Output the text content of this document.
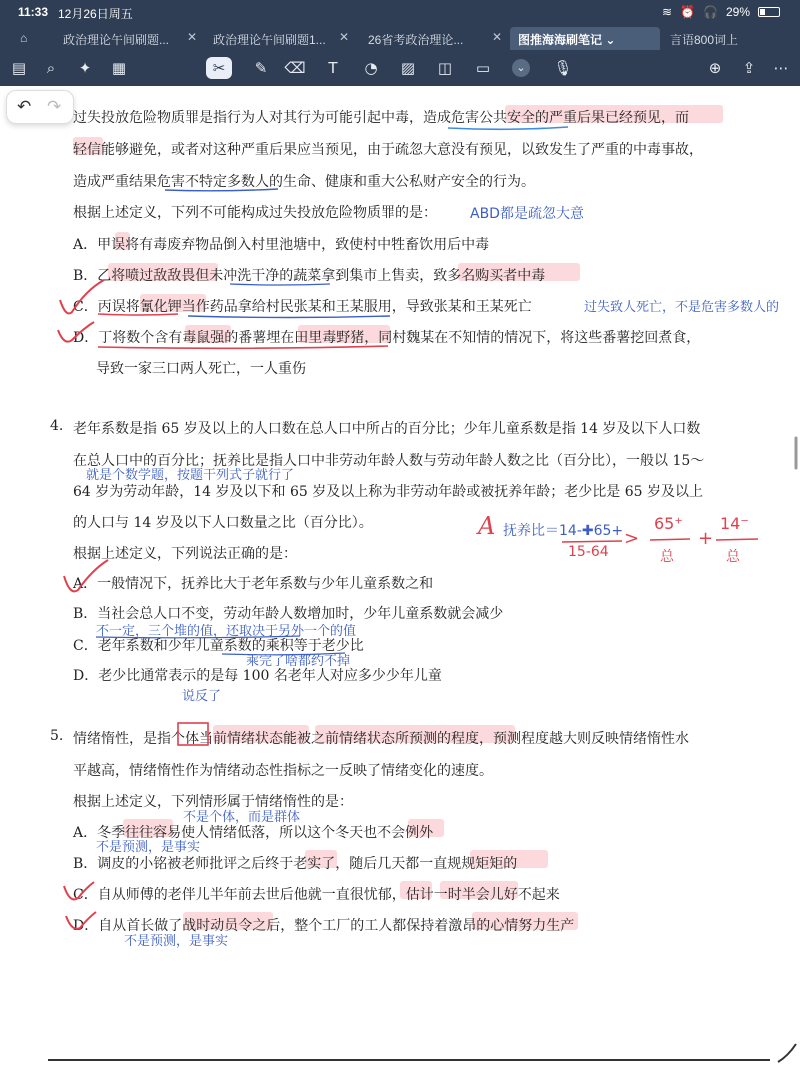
11:33 12月26日周五	≋ ⏰ 🎧 29%
⌂	政治理论午间刷题... ✕	政治理论午间刷题1... ✕	26省考政治理论... ✕	图推海海刷笔记 ⌄	言语800词上
▤	⌕	✦	▦	✂	✎	⌫	T	◔ ▨ ◫ ▭	⌄ 🎙	⊕	⇪	⋯
↶ ↷
过失投放危险物质罪是指行为人对其行为可能引起中毒，造成危害公共安全的严重后果已经预见，而
轻信能够避免，或者对这种严重后果应当预见，由于疏忽大意没有预见，以致发生了严重的中毒事故，
造成严重结果危害不特定多数人的生命、健康和重大公私财产安全的行为。
根据上述定义，下列不可能构成过失投放危险物质罪的是：
A．甲误将有毒废弃物品倒入村里池塘中，致使村中牲畜饮用后中毒
B．乙将喷过敌敌畏但未冲洗干净的蔬菜拿到集市上售卖，致多名购买者中毒
C．丙误将氰化钾当作药品拿给村民张某和王某服用，导致张某和王某死亡
D．丁将数个含有毒鼠强的番薯埋在田里毒野猪，同村魏某在不知情的情况下，将这些番薯挖回煮食，
导致一家三口两人死亡，一人重伤
4. 老年系数是指 65 岁及以上的人口数在总人口中所占的百分比；少年儿童系数是指 14 岁及以下人口数
在总人口中的百分比；抚养比是指人口中非劳动年龄人数与劳动年龄人数之比（百分比），一般以 15～
64 岁为劳动年龄，14 岁及以下和 65 岁及以上称为非劳动年龄或被抚养年龄；老少比是 65 岁及以上
的人口与 14 岁及以下人口数量之比（百分比）。
根据上述定义，下列说法正确的是：
A．一般情况下，抚养比大于老年系数与少年儿童系数之和
B．当社会总人口不变，劳动年龄人数增加时，少年儿童系数就会减少
C．老年系数和少年儿童系数的乘积等于老少比
D．老少比通常表示的是每 100 名老年人对应多少少年儿童
5. 情绪惰性，是指个体当前情绪状态能被之前情绪状态所预测的程度，预测程度越大则反映情绪惰性水
平越高，情绪惰性作为情绪动态性指标之一反映了情绪变化的速度。
根据上述定义，下列情形属于情绪惰性的是：
A．冬季往往容易使人情绪低落，所以这个冬天也不会例外
B．调皮的小铭被老师批评之后终于老实了，随后几天都一直规规矩矩的
C．自从师傅的老伴儿半年前去世后他就一直很忧郁，估计一时半会儿好不起来
D．自从首长做了战时动员令之后，整个工厂的工人都保持着激昂的心情努力生产
ABD都是疏忽大意
过失致人死亡，不是危害多数人的
就是个数学题，按题干列式子就行了
不一定，三个堆的值，还取决于另外一个的值
乘完了啥都约不掉
说反了
不是个体，而是群体
不是预测，是事实
不是预测，是事实
A 抚养比＝14-✚65+
15-64
>
65⁺
总
+
14⁻
总
